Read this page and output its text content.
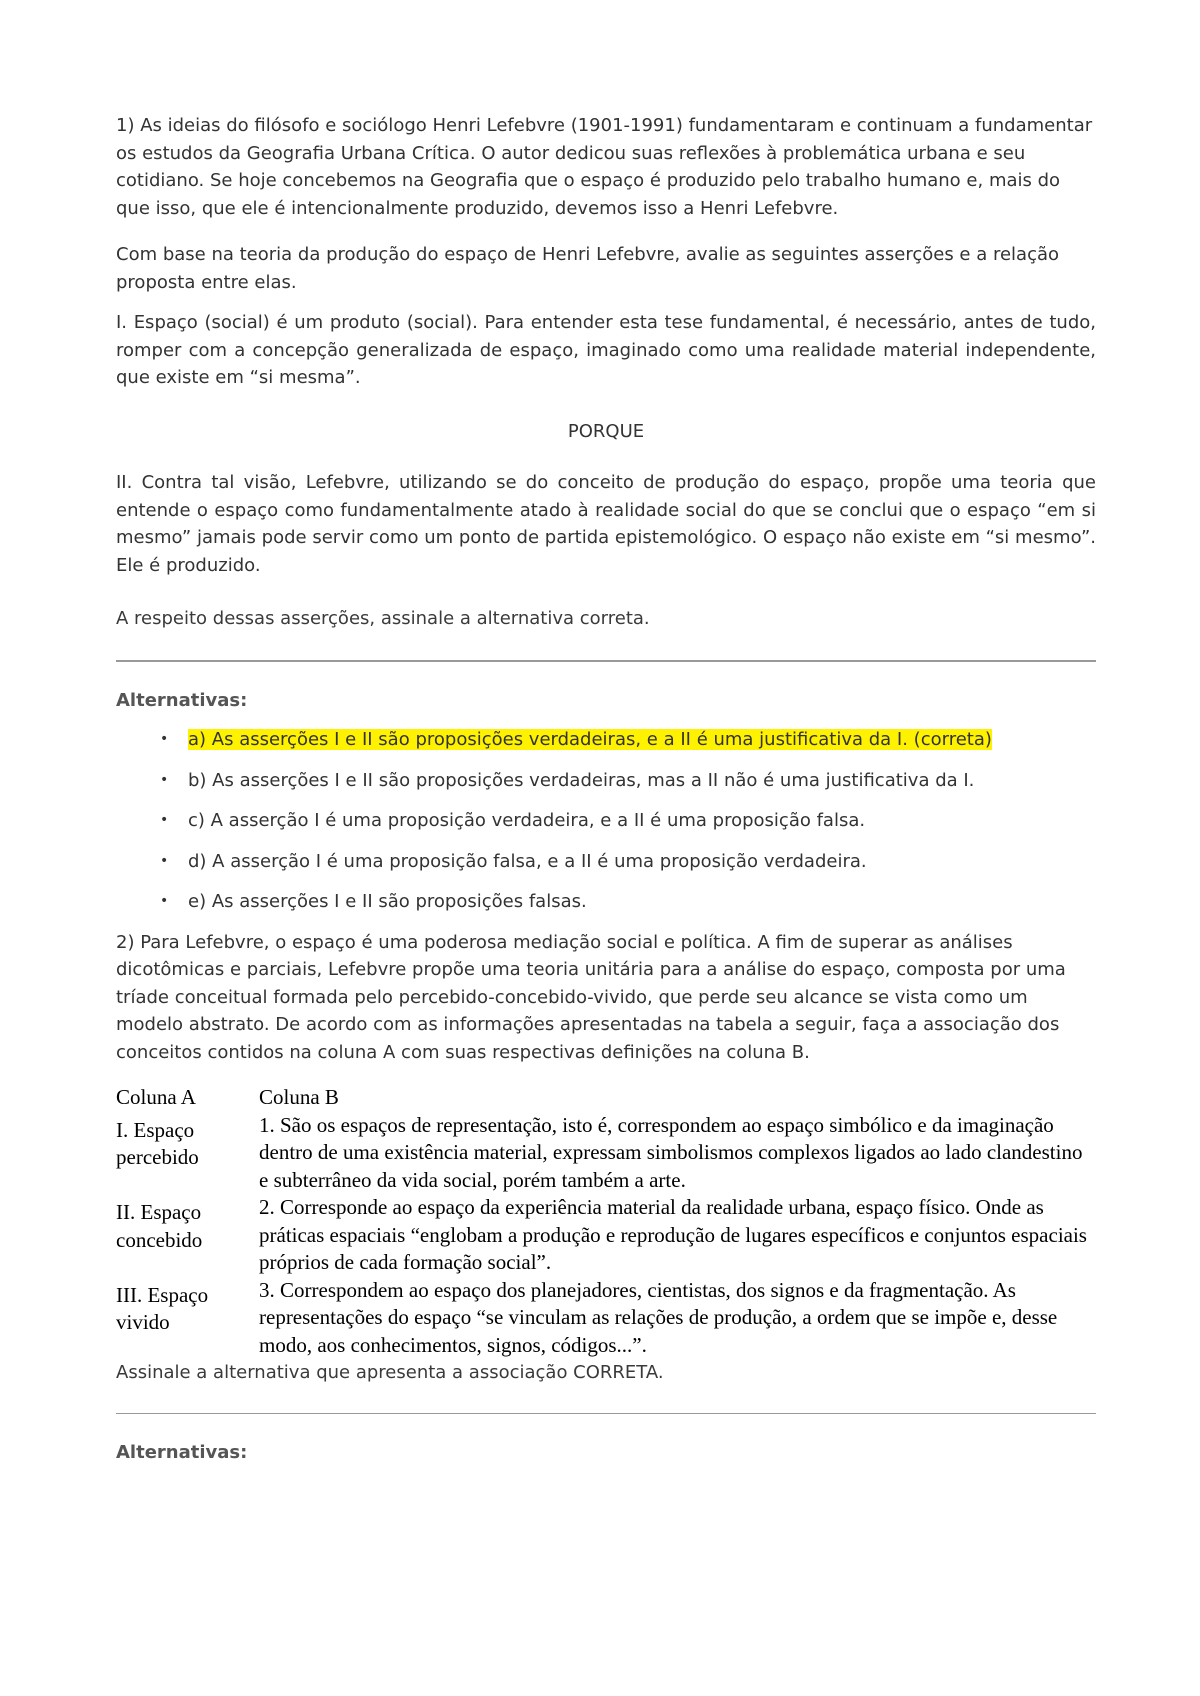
1) As ideias do filósofo e sociólogo Henri Lefebvre (1901-1991) fundamentaram e continuam a fundamentar os estudos da Geografia Urbana Crítica. O autor dedicou suas reflexões à problemática urbana e seu cotidiano. Se hoje concebemos na Geografia que o espaço é produzido pelo trabalho humano e, mais do que isso, que ele é intencionalmente produzido, devemos isso a Henri Lefebvre.

Com base na teoria da produção do espaço de Henri Lefebvre, avalie as seguintes asserções e a relação proposta entre elas.

I. Espaço (social) é um produto (social). Para entender esta tese fundamental, é necessário, antes de tudo, romper com a concepção generalizada de espaço, imaginado como uma realidade material independente, que existe em “si mesma”.

PORQUE

II. Contra tal visão, Lefebvre, utilizando se do conceito de produção do espaço, propõe uma teoria que entende o espaço como fundamentalmente atado à realidade social do que se conclui que o espaço “em si mesmo” jamais pode servir como um ponto de partida epistemológico. O espaço não existe em “si mesmo”. Ele é produzido.

A respeito dessas asserções, assinale a alternativa correta.

Alternativas:

• a) As asserções I e II são proposições verdadeiras, e a II é uma justificativa da I. (correta)
• b) As asserções I e II são proposições verdadeiras, mas a II não é uma justificativa da I.
• c) A asserção I é uma proposição verdadeira, e a II é uma proposição falsa.
• d) A asserção I é uma proposição falsa, e a II é uma proposição verdadeira.
• e) As asserções I e II são proposições falsas.

2) Para Lefebvre, o espaço é uma poderosa mediação social e política. A fim de superar as análises dicotômicas e parciais, Lefebvre propõe uma teoria unitária para a análise do espaço, composta por uma tríade conceitual formada pelo percebido-concebido-vivido, que perde seu alcance se vista como um modelo abstrato. De acordo com as informações apresentadas na tabela a seguir, faça a associação dos conceitos contidos na coluna A com suas respectivas definições na coluna B.

Coluna A	Coluna B
I. Espaço percebido	1. São os espaços de representação, isto é, correspondem ao espaço simbólico e da imaginação dentro de uma existência material, expressam simbolismos complexos ligados ao lado clandestino e subterrâneo da vida social, porém também a arte.
II. Espaço concebido	2. Corresponde ao espaço da experiência material da realidade urbana, espaço físico. Onde as práticas espaciais “englobam a produção e reprodução de lugares específicos e conjuntos espaciais próprios de cada formação social”.
III. Espaço vivido	3. Correspondem ao espaço dos planejadores, cientistas, dos signos e da fragmentação. As representações do espaço “se vinculam as relações de produção, a ordem que se impõe e, desse modo, aos conhecimentos, signos, códigos...”.

Assinale a alternativa que apresenta a associação CORRETA.

Alternativas:
